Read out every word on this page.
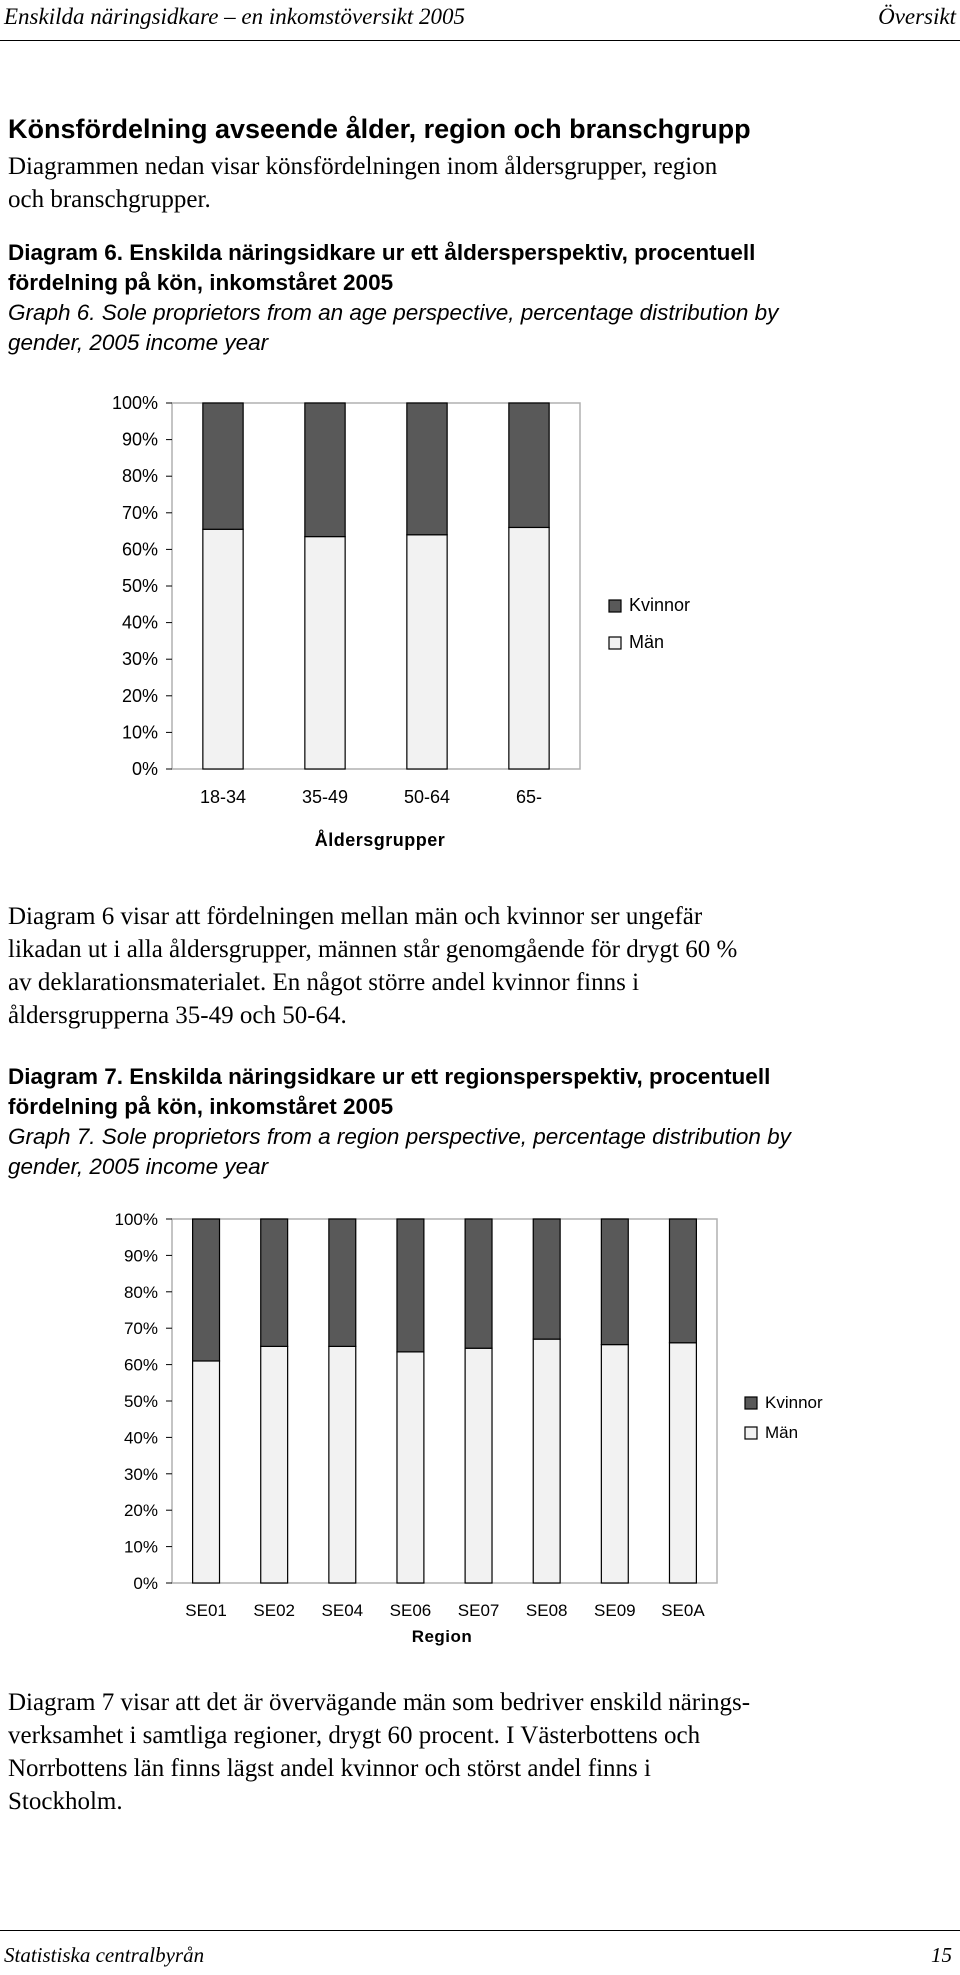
Enskilda näringsidkare – en inkomstöversikt 2005	Översikt
Könsfördelning avseende ålder, region och branschgrupp
Diagrammen nedan visar könsfördelningen inom åldersgrupper, region
och branschgrupper.
Diagram 6. Enskilda näringsidkare ur ett åldersperspektiv, procentuell
fördelning på kön, inkomståret 2005
Graph 6. Sole proprietors from an age perspective, percentage distribution by
gender, 2005 income year
0%
10%
20%
30%
40%
50%
60%
70%
80%
90%
100%
18-34	35-49	50-64	65-
Åldersgrupper
Kvinnor
Män
Diagram 6 visar att fördelningen mellan män och kvinnor ser ungefär
likadan ut i alla åldersgrupper, männen står genomgående för drygt 60 %
av deklarationsmaterialet. En något större andel kvinnor finns i
åldersgrupperna 35-49 och 50-64.
Diagram 7. Enskilda näringsidkare ur ett regionsperspektiv, procentuell
fördelning på kön, inkomståret 2005
Graph 7. Sole proprietors from a region perspective, percentage distribution by
gender, 2005 income year
0%
10%
20%
30%
40%
50%
60%
70%
80%
90%
100%
SE01 SE02 SE04 SE06 SE07 SE08 SE09 SE0A
Region
Kvinnor
Män
Diagram 7 visar att det är övervägande män som bedriver enskild närings-
verksamhet i samtliga regioner, drygt 60 procent. I Västerbottens och
Norrbottens län finns lägst andel kvinnor och störst andel finns i
Stockholm.
Statistiska centralbyrån	15
